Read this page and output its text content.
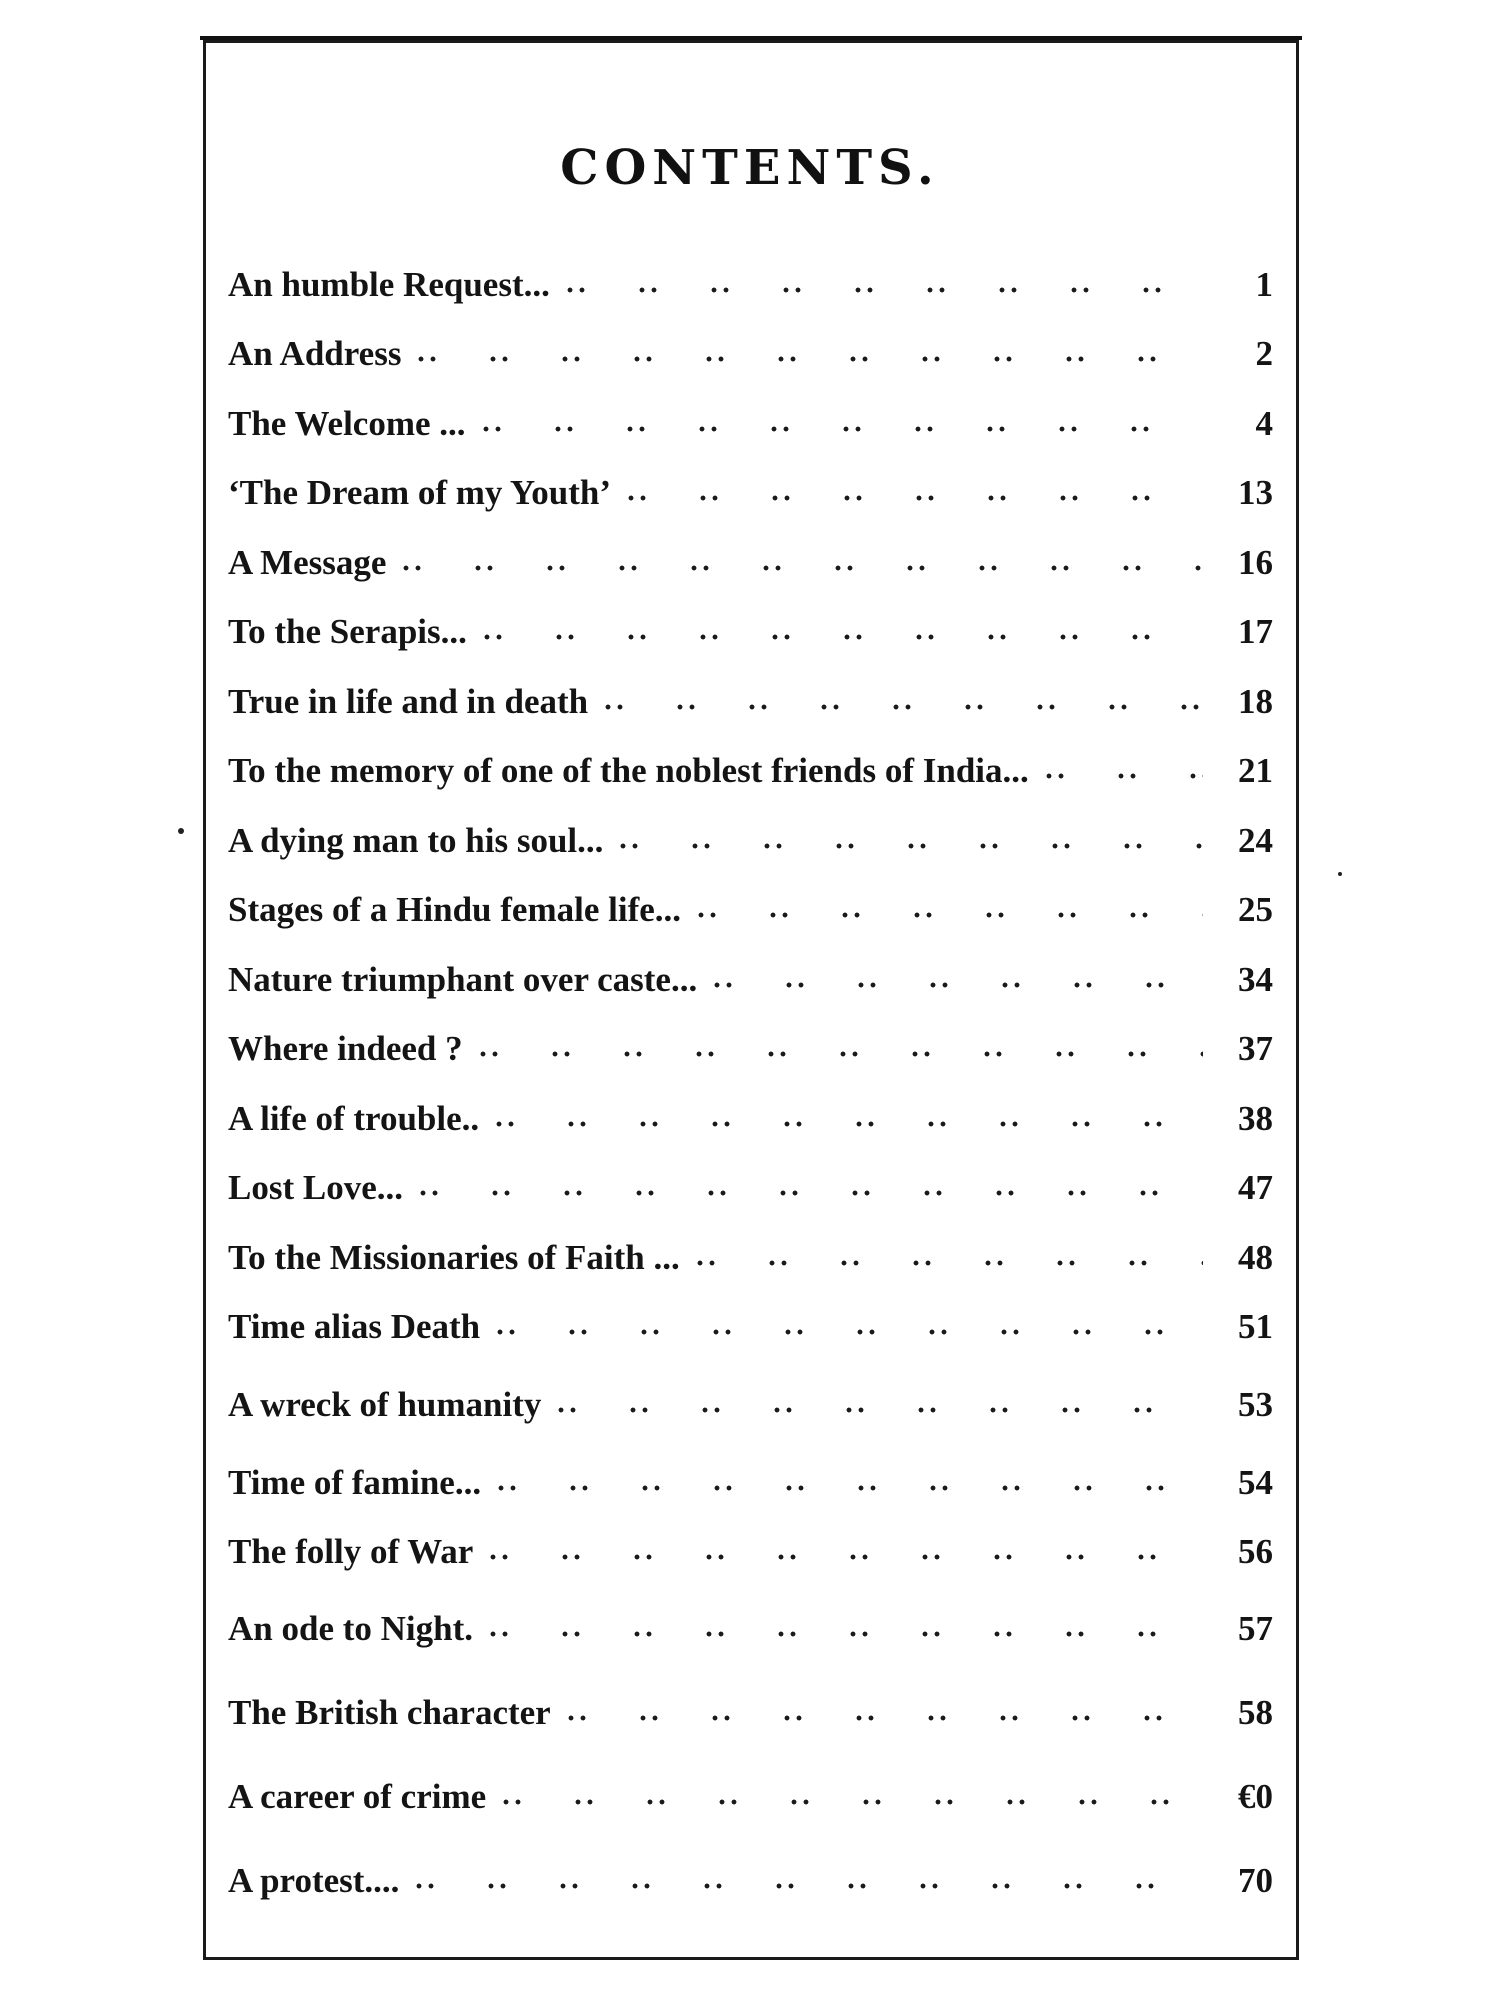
CONTENTS.
An humble Request...	1
An Address	2
The Welcome ...	4
‘The Dream of my Youth’	13
A Message	16
To the Serapis...	17
True in life and in death	18
To the memory of one of the noblest friends of India...	21
A dying man to his soul...	24
Stages of a Hindu female life...	25
Nature triumphant over caste...	34
Where indeed ?	37
A life of trouble..	38
Lost Love...	47
To the Missionaries of Faith ...	48
Time alias Death	51
A wreck of humanity	53
Time of famine...	54
The folly of War	56
An ode to Night.	57
The British character	58
A career of crime	€0
A protest....	70
